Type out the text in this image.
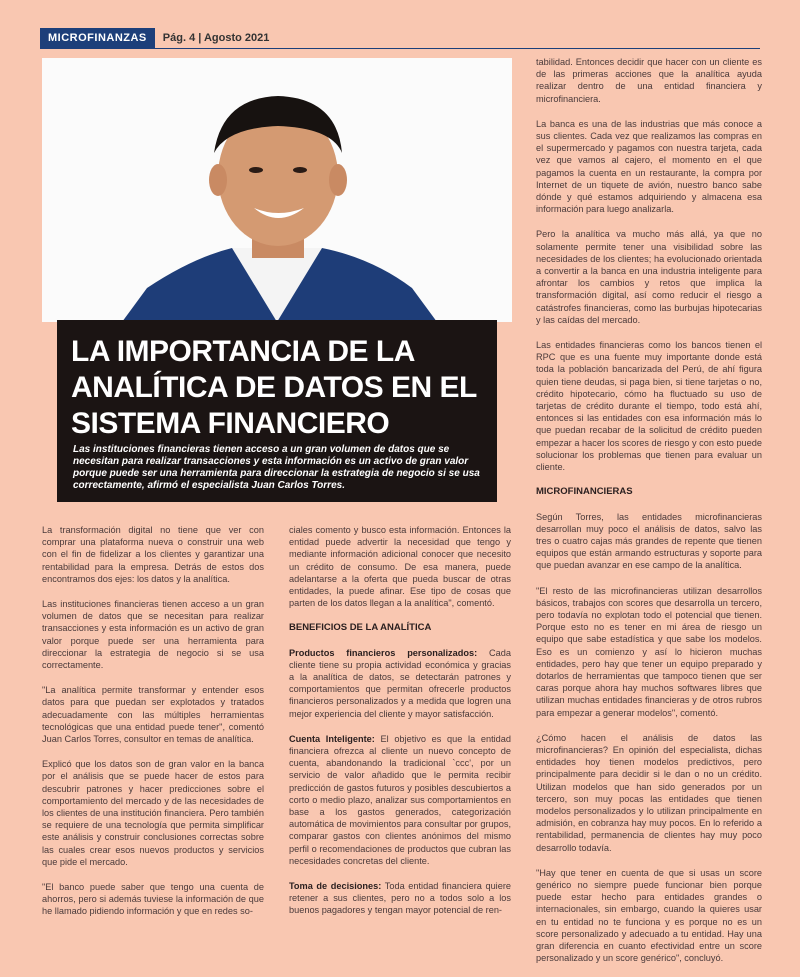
MICROFINANZAS	Pág. 4 | Agosto 2021
LA IMPORTANCIA DE LA ANALÍTICA DE DATOS EN EL SISTEMA FINANCIERO
Las instituciones financieras tienen acceso a un gran volumen de datos que se necesitan para realizar transacciones y esta información es un activo de gran valor porque puede ser una herramienta para direccionar la estrategia de negocio si se usa correctamente, afirmó el especialista Juan Carlos Torres.

La transformación digital no tiene que ver con comprar una plataforma nueva o construir una web con el fin de fidelizar a los clientes y garantizar una rentabilidad para la empresa. Detrás de estos dos encontramos dos ejes: los datos y la analítica.

Las instituciones financieras tienen acceso a un gran volumen de datos que se necesitan para realizar transacciones y esta información es un activo de gran valor porque puede ser una herramienta para direccionar la estrategia de negocio si se usa correctamente.

"La analítica permite transformar y entender esos datos para que puedan ser explotados y tratados adecuadamente con las múltiples herramientas tecnológicas que una entidad puede tener", comentó Juan Carlos Torres, consultor en temas de analítica.

Explicó que los datos son de gran valor en la banca por el análisis que se puede hacer de estos para descubrir patrones y hacer predicciones sobre el comportamiento del mercado y de las necesidades de los clientes de una institución financiera. Pero también se requiere de una tecnología que permita simplificar este análisis y construir conclusiones correctas sobre las cuales crear esos nuevos productos y servicios que pide el mercado.

"El banco puede saber que tengo una cuenta de ahorros, pero si además tuviese la información de que he llamado pidiendo información y que en redes so-

ciales comento y busco esta información. Entonces la entidad puede advertir la necesidad que tengo y mediante información adicional conocer que necesito un crédito de consumo. De esa manera, puede adelantarse a la oferta que pueda buscar de otras entidades, la puede afinar. Ese tipo de cosas que parten de los datos llegan a la analítica", comentó.

BENEFICIOS DE LA ANALÍTICA

Productos financieros personalizados: Cada cliente tiene su propia actividad económica y gracias a la analítica de datos, se detectarán patrones y comportamientos que permitan ofrecerle productos financieros personalizados y a medida que logren una mejor experiencia del cliente y mayor satisfacción.

Cuenta Inteligente: El objetivo es que la entidad financiera ofrezca al cliente un nuevo concepto de cuenta, abandonando la tradicional `ccc', por un servicio de valor añadido que le permita recibir predicción de gastos futuros y posibles descubiertos a corto o medio plazo, analizar sus comportamientos en base a los gastos generados, categorización automática de movimientos para consultar por grupos, comparar gastos con clientes anónimos del mismo perfil o recomendaciones de productos que cubran las necesidades concretas del cliente.

Toma de decisiones: Toda entidad financiera quiere retener a sus clientes, pero no a todos solo a los buenos pagadores y tengan mayor potencial de ren-

tabilidad. Entonces decidir que hacer con un cliente es de las primeras acciones que la analítica ayuda realizar dentro de una entidad financiera y microfinanciera.

La banca es una de las industrias que más conoce a sus clientes. Cada vez que realizamos las compras en el supermercado y pagamos con nuestra tarjeta, cada vez que vamos al cajero, el momento en el que pagamos la cuenta en un restaurante, la compra por Internet de un tiquete de avión, nuestro banco sabe dónde y qué estamos adquiriendo y almacena esa información para luego analizarla.

Pero la analítica va mucho más allá, ya que no solamente permite tener una visibilidad sobre las necesidades de los clientes; ha evolucionado orientada a convertir a la banca en una industria inteligente para afrontar los cambios y retos que implica la transformación digital, así como reducir el riesgo a catástrofes financieras, como las burbujas hipotecarias y las caídas del mercado.

Las entidades financieras como los bancos tienen el RPC que es una fuente muy importante donde está toda la población bancarizada del Perú, de ahí figura quien tiene deudas, si paga bien, si tiene tarjetas o no, crédito hipotecario, cómo ha fluctuado su uso de tarjetas de crédito durante el tiempo, todo está ahí, entonces si las entidades con esa información más lo que puedan recabar de la solicitud de crédito pueden empezar a hacer los scores de riesgo y con esto puede solucionar los problemas que tienen para evaluar un cliente.

MICROFINANCIERAS

Según Torres, las entidades microfinancieras desarrollan muy poco el análisis de datos, salvo las tres o cuatro cajas más grandes de repente que tienen equipos que están armando estructuras y soporte para que puedan avanzar en ese campo de la analítica.

"El resto de las microfinancieras utilizan desarrollos básicos, trabajos con scores que desarrolla un tercero, pero todavía no explotan todo el potencial que tienen. Porque esto no es tener en mi área de riesgo un equipo que sabe estadística y que sabe los modelos. Eso es un comienzo y así lo hicieron muchas entidades, pero hay que tener un equipo preparado y dotarlos de herramientas que tampoco tienen que ser caras porque ahora hay muchos softwares libres que utilizan muchas entidades financieras y de otros rubros para empezar a generar modelos", comentó.

¿Cómo hacen el análisis de datos las microfinancieras? En opinión del especialista, dichas entidades hoy tienen modelos predictivos, pero principalmente para decidir si le dan o no un crédito. Utilizan modelos que han sido generados por un tercero, son muy pocas las entidades que tienen modelos personalizados y lo utilizan principalmente en admisión, en cobranza hay muy pocos. En lo referido a rentabilidad, permanencia de clientes hay muy poco desarrollo todavía.

"Hay que tener en cuenta de que si usas un score genérico no siempre puede funcionar bien porque puede estar hecho para entidades grandes o internacionales, sin embargo, cuando la quieres usar en tu entidad no te funciona y es porque no es un score personalizado y adecuado a tu entidad. Hay una gran diferencia en cuanto efectividad entre un score personalizado y un score genérico", concluyó.
